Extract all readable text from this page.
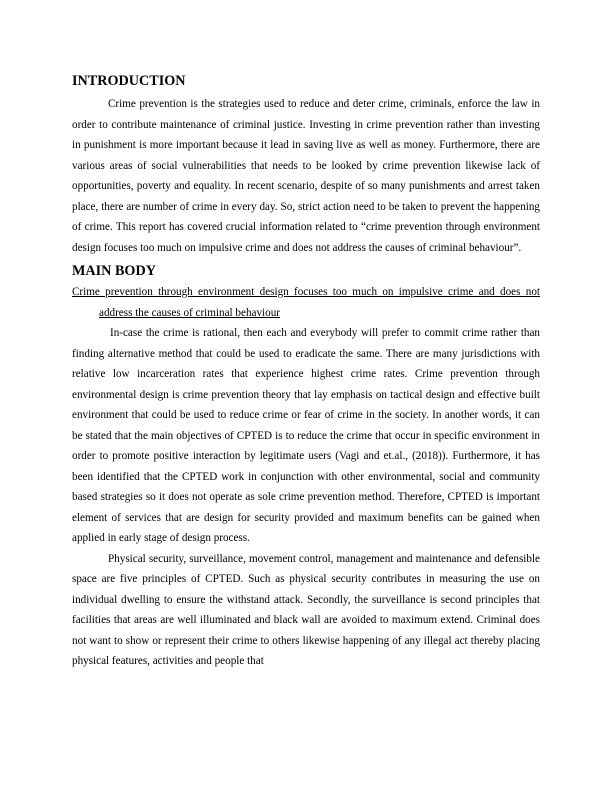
INTRODUCTION

Crime prevention is the strategies used to reduce and deter crime, criminals, enforce the law in order to contribute maintenance of criminal justice. Investing in crime prevention rather than investing in punishment is more important because it lead in saving live as well as money. Furthermore, there are various areas of social vulnerabilities that needs to be looked by crime prevention likewise lack of opportunities, poverty and equality. In recent scenario, despite of so many punishments and arrest taken place, there are number of crime in every day. So, strict action need to be taken to prevent the happening of crime. This report has covered crucial information related to “crime prevention through environment design focuses too much on impulsive crime and does not address the causes of criminal behaviour”.

MAIN BODY
Crime prevention through environment design focuses too much on impulsive crime and does not address the causes of criminal behaviour

In-case the crime is rational, then each and everybody will prefer to commit crime rather than finding alternative method that could be used to eradicate the same. There are many jurisdictions with relative low incarceration rates that experience highest crime rates. Crime prevention through environmental design is crime prevention theory that lay emphasis on tactical design and effective built environment that could be used to reduce crime or fear of crime in the society. In another words, it can be stated that the main objectives of CPTED is to reduce the crime that occur in specific environment in order to promote positive interaction by legitimate users (Vagi and et.al., (2018)). Furthermore, it has been identified that the CPTED work in conjunction with other environmental, social and community based strategies so it does not operate as sole crime prevention method. Therefore, CPTED is important element of services that are design for security provided and maximum benefits can be gained when applied in early stage of design process.

Physical security, surveillance, movement control, management and maintenance and defensible space are five principles of CPTED. Such as physical security contributes in measuring the use on individual dwelling to ensure the withstand attack. Secondly, the surveillance is second principles that facilities that areas are well illuminated and black wall are avoided to maximum extend. Criminal does not want to show or represent their crime to others likewise happening of any illegal act thereby placing physical features, activities and people that
